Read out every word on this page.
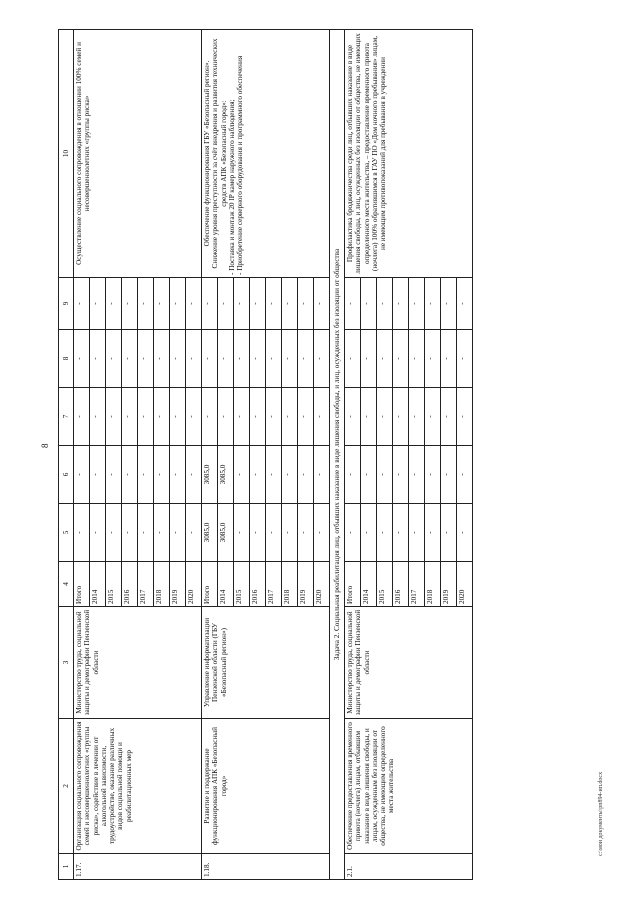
8
1	2	3	4	5	6	7	8	9	10
1.17.	Организация социального сопровождения семей и несовершеннолетних «группы риска», содействие в лечении от алкогольной зависимости, трудоустройстве, оказание различных видов социальной помощи и реабилитационных мер	Министерство труда, социальной защиты и демографии Пензенской области	Итого	-	-	-	-	-	Осуществление социального сопровождения в отношении 100% семей и несовершеннолетних «группы риска»
			2014	-	-	-	-	-	
			2015	-	-	-	-	-	
			2016	-	-	-	-	-	
			2017	-	-	-	-	-	
			2018	-	-	-	-	-	
			2019	-	-	-	-	-	
			2020	-	-	-	-	-	
1.18.	Развитие и поддержание функционирования АПК «Безопасный город»	Управление информатизации Пензенской области (ГБУ «Безопасный регион»)	Итого	3085,0	3085,0	-	-	-	Обеспечение функционирования ГБУ «Безопасный регион». Снижение уровня преступности за счёт внедрения и развития технических средств АПК «Безопасный город»: - Поставка и монтаж 20 IP камер наружного наблюдения; - Приобретение серверного оборудования и программного обеспечения

			2014	3085,0	3085,0	-	-	-	
			2015	-	-	-	-	-	
			2016	-	-	-	-	-	
			2017	-	-	-	-	-	
			2018	-	-	-	-	-	
			2019	-	-	-	-	-	
			2020	-	-	-	-	-	
Задача 2. Социальная реабилитация лиц, отбывших наказание в виде лишения свободы, и лиц, осужденных без изоляции от общества									
2.1.	Обеспечение предоставления временного приюта (ночлега) лицам, отбывшим наказание в виде лишения свободы, и лицам, осужденным без изоляции от общества, не имеющим определенного места жительства	Министерство труда, социальной защиты и демографии Пензенской области	Итого	-	-	-	-	-	Профилактика бродяжничества среди лиц, отбывших наказание в виде лишения свободы, и лиц, осужденных без изоляции от общества, не имеющих определенного места жительства, – предоставление временного приюта (ночлега) 100% обратившимся в ГАУ ПО «Дом ночного пребывания» лицам, не имеющим противопоказаний для пребывания в учреждении
			2014	-	-	-	-	-	
			2015	-	-	-	-	-	
			2016	-	-	-	-	-	
			2017	-	-	-	-	-	
			2018	-	-	-	-	-	
			2019	-	-	-	-	-	
			2020	-	-	-	-	-	
c:\мои документы\рп894-ип.docx
